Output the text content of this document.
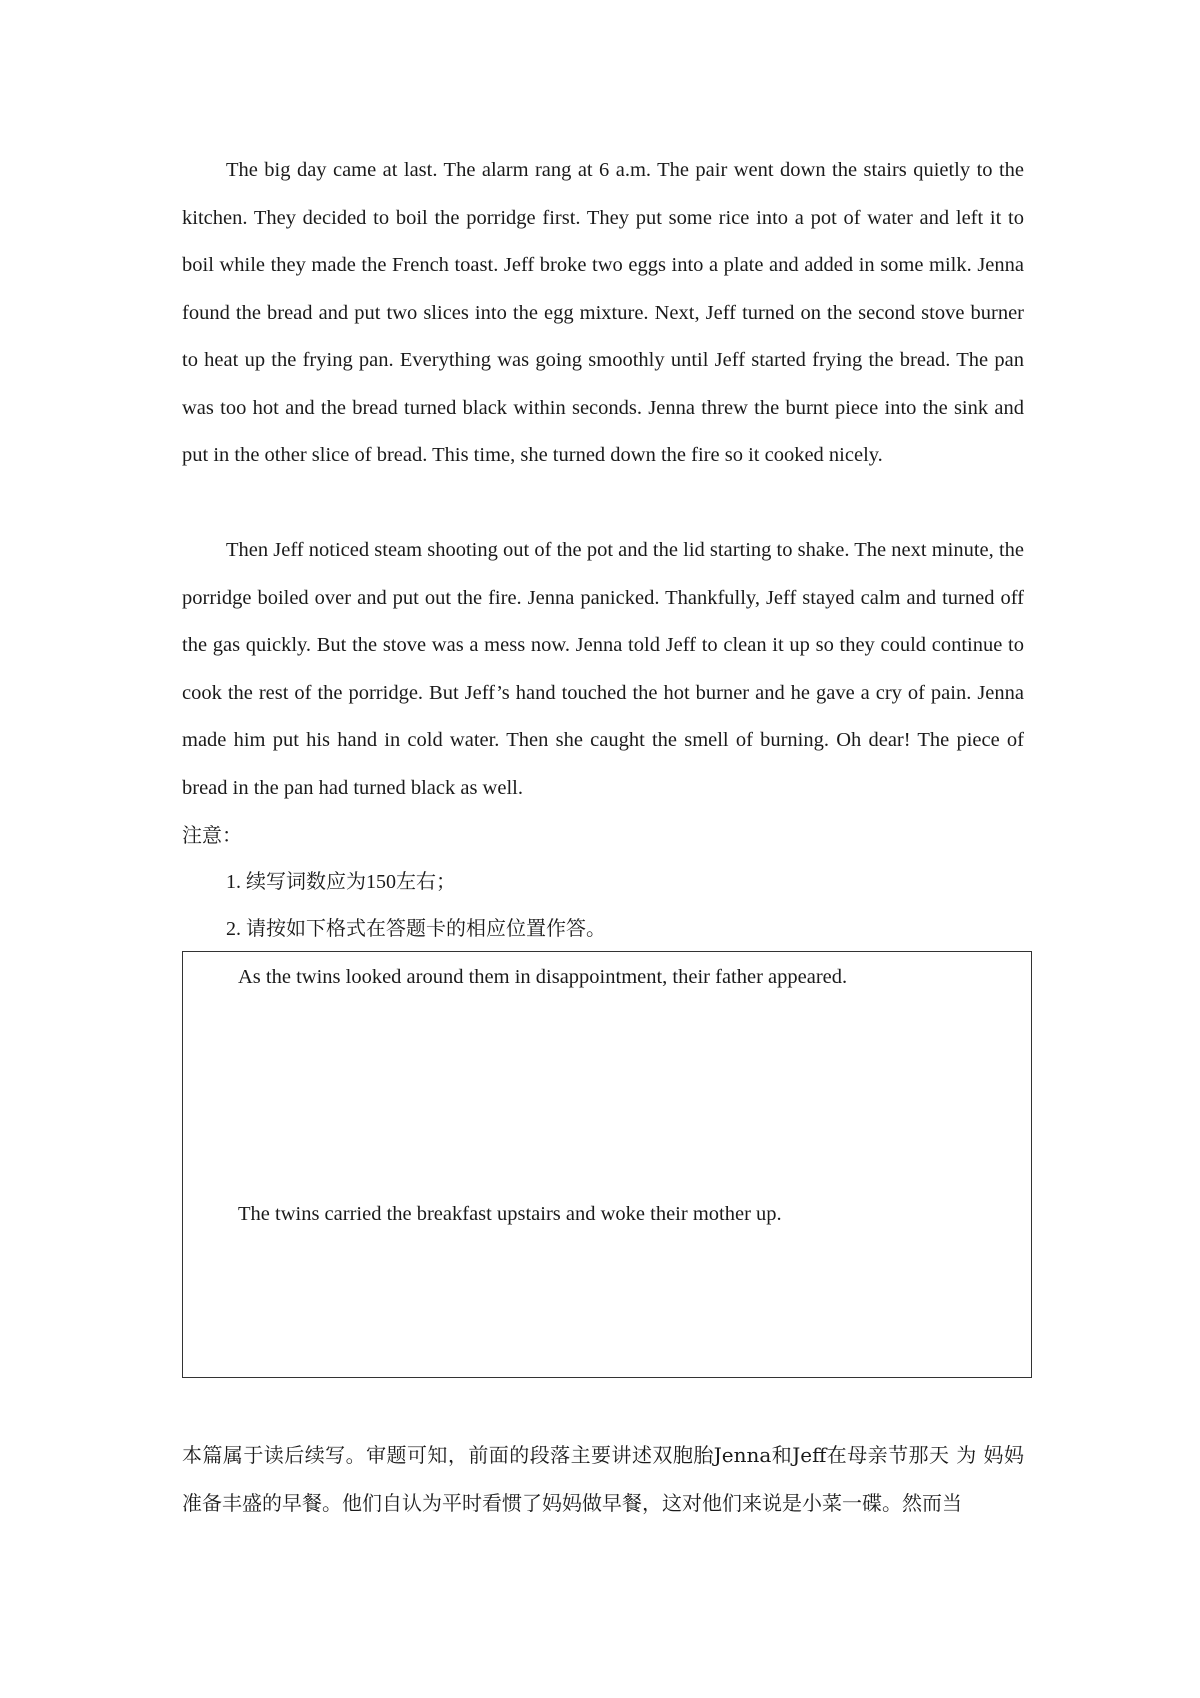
The big day came at last. The alarm rang at 6 a.m. The pair went down the stairs quietly to the kitchen. They decided to boil the porridge first. They put some rice into a pot of water and left it to boil while they made the French toast. Jeff broke two eggs into a plate and added in some milk. Jenna found the bread and put two slices into the egg mixture. Next, Jeff turned on the second stove burner to heat up the frying pan. Everything was going smoothly until Jeff started frying the bread. The pan was too hot and the bread turned black within seconds. Jenna threw the burnt piece into the sink and put in the other slice of bread. This time, she turned down the fire so it cooked nicely.

Then Jeff noticed steam shooting out of the pot and the lid starting to shake. The next minute, the porridge boiled over and put out the fire. Jenna panicked. Thankfully, Jeff stayed calm and turned off the gas quickly. But the stove was a mess now. Jenna told Jeff to clean it up so they could continue to cook the rest of the porridge. But Jeff’s hand touched the hot burner and he gave a cry of pain. Jenna made him put his hand in cold water. Then she caught the smell of burning. Oh dear! The piece of bread in the pan had turned black as well.

注意：
1. 续写词数应为150左右；
2. 请按如下格式在答题卡的相应位置作答。
As the twins looked around them in disappointment, their father appeared.
The twins carried the breakfast upstairs and woke their mother up.

本篇属于读后续写。审题可知，前面的段落主要讲述双胞胎Jenna和Jeff在母亲节那天 为 妈妈准备丰盛的早餐。他们自认为平时看惯了妈妈做早餐，这对他们来说是小菜一碟。然而当
